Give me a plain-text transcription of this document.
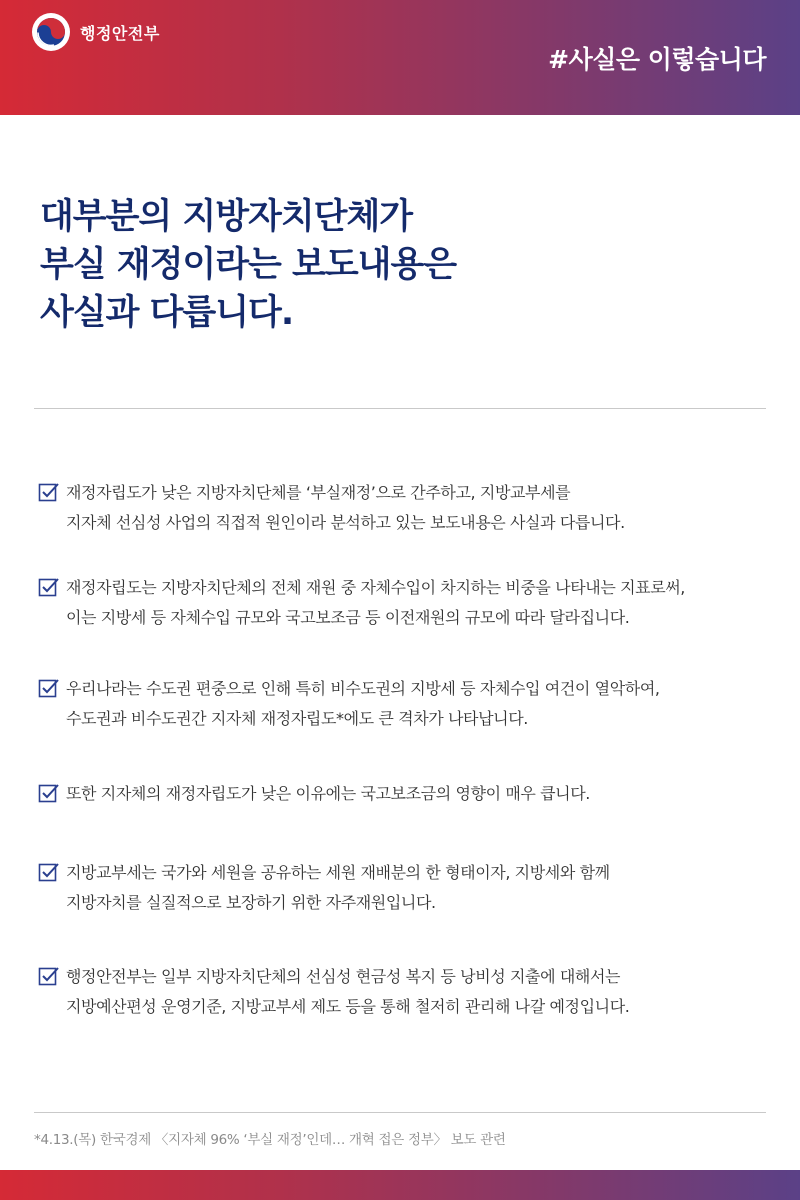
행정안전부
#사실은 이렇습니다
대부분의 지방자치단체가
부실 재정이라는 보도내용은
사실과 다릅니다.
재정자립도가 낮은 지방자치단체를 ‘부실재정’으로 간주하고, 지방교부세를
지자체 선심성 사업의 직접적 원인이라 분석하고 있는 보도내용은 사실과 다릅니다.
재정자립도는 지방자치단체의 전체 재원 중 자체수입이 차지하는 비중을 나타내는 지표로써,
이는 지방세 등 자체수입 규모와 국고보조금 등 이전재원의 규모에 따라 달라집니다.
우리나라는 수도권 편중으로 인해 특히 비수도권의 지방세 등 자체수입 여건이 열악하여,
수도권과 비수도권간 지자체 재정자립도*에도 큰 격차가 나타납니다.
또한 지자체의 재정자립도가 낮은 이유에는 국고보조금의 영향이 매우 큽니다.
지방교부세는 국가와 세원을 공유하는 세원 재배분의 한 형태이자, 지방세와 함께
지방자치를 실질적으로 보장하기 위한 자주재원입니다.
행정안전부는 일부 지방자치단체의 선심성 현금성 복지 등 낭비성 지출에 대해서는
지방예산편성 운영기준, 지방교부세 제도 등을 통해 철저히 관리해 나갈 예정입니다.
*4.13.(목) 한국경제 〈지자체 96% ‘부실 재정’인데… 개혁 접은 정부〉 보도 관련
